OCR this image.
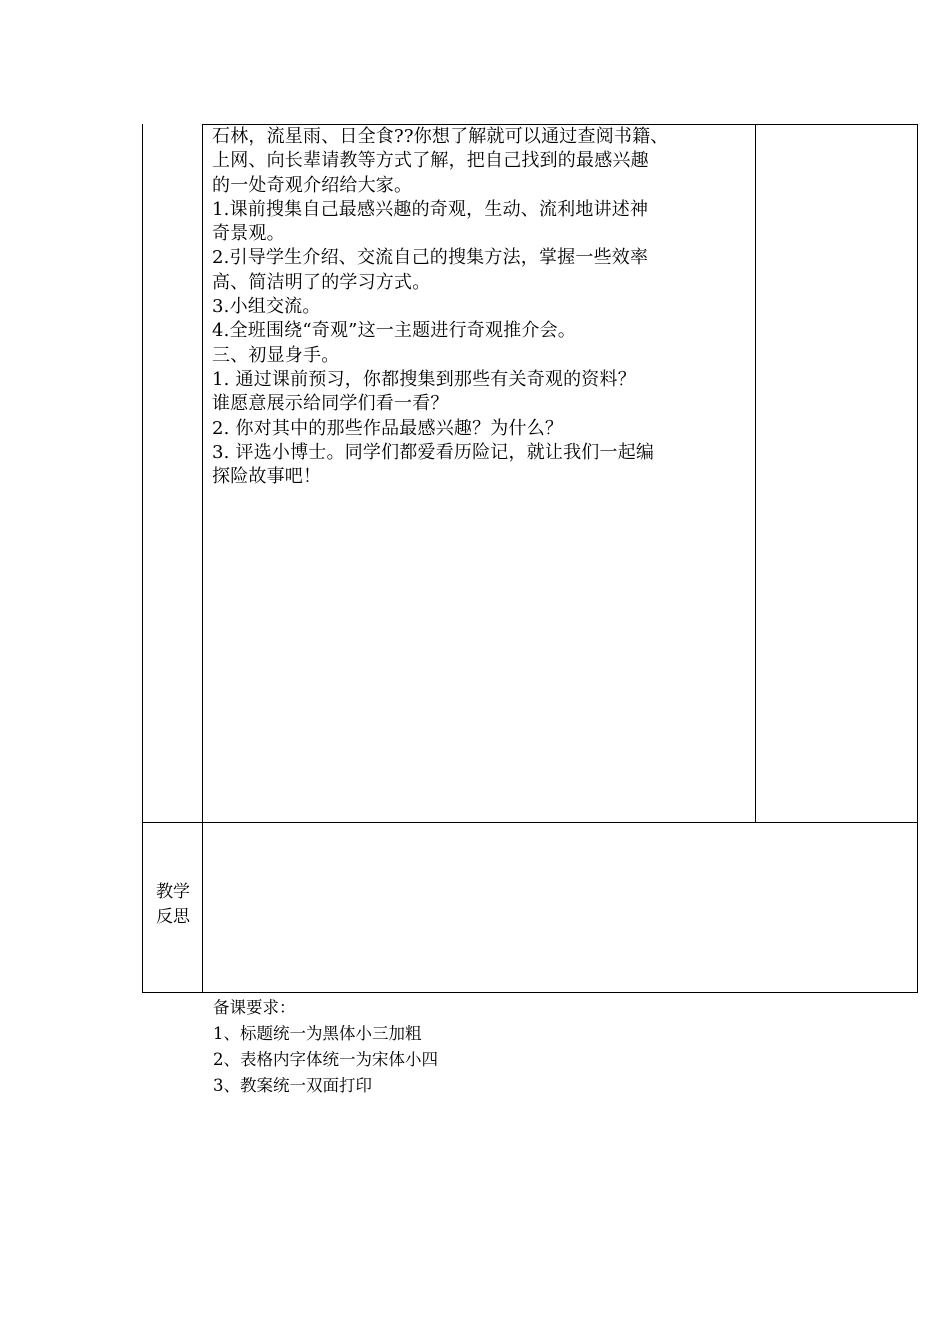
石林，流星雨、日全食??你想了解就可以通过查阅书籍、
上网、向长辈请教等方式了解，把自己找到的最感兴趣
的一处奇观介绍给大家。
1.课前搜集自己最感兴趣的奇观，生动、流利地讲述神
奇景观。
2.引导学生介绍、交流自己的搜集方法，掌握一些效率
高、简洁明了的学习方式。
3.小组交流。
4.全班围绕“奇观”这一主题进行奇观推介会。
三、初显身手。
1. 通过课前预习，你都搜集到那些有关奇观的资料？
谁愿意展示给同学们看一看？
2. 你对其中的那些作品最感兴趣？为什么？
3. 评选小博士。同学们都爱看历险记，就让我们一起编
探险故事吧！
教学
反思
备课要求：
1、标题统一为黑体小三加粗
2、表格内字体统一为宋体小四
3、教案统一双面打印
